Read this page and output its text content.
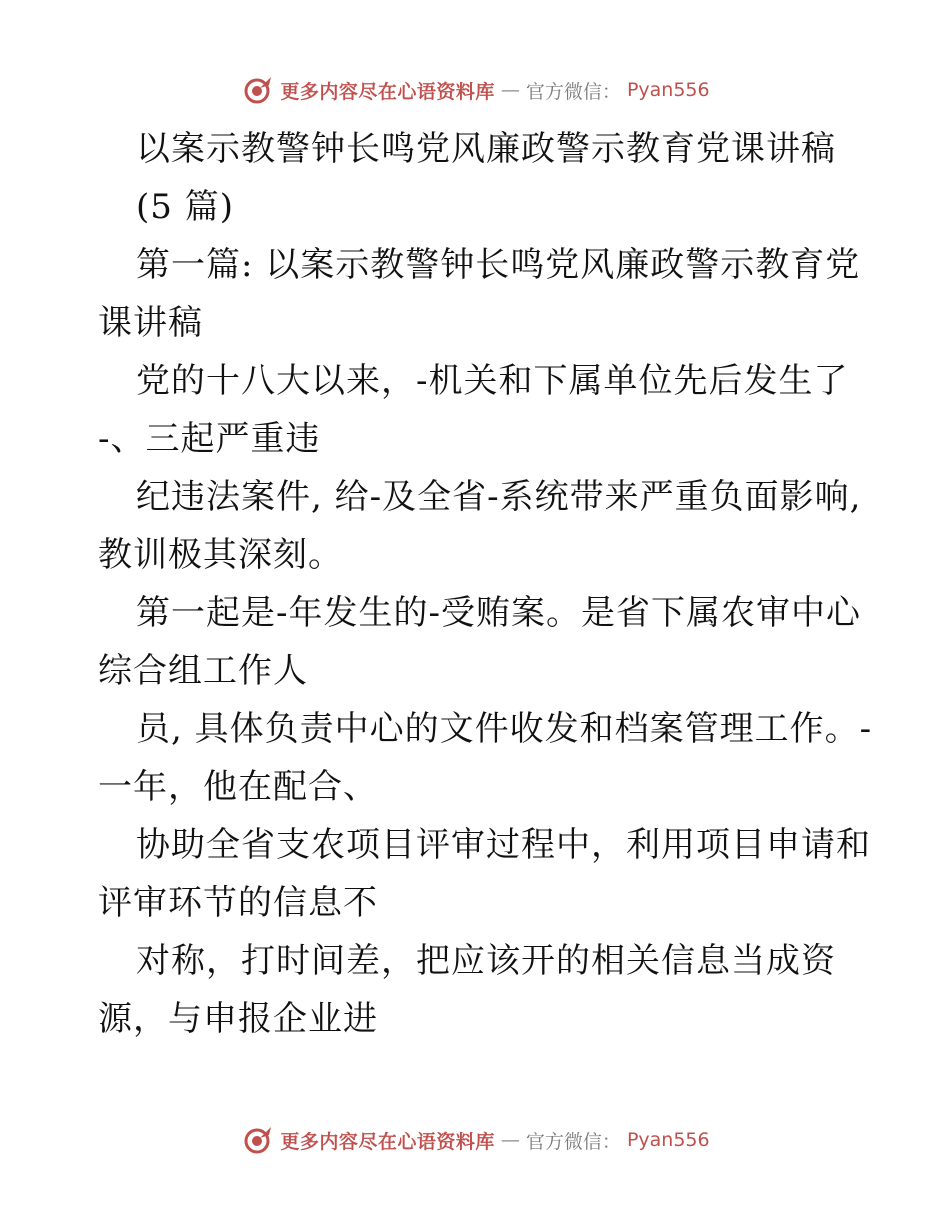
更多内容尽在心语资料库 — 官方微信： Pyan556
以案示教警钟长鸣党风廉政警示教育党课讲稿
(5 篇)
第一篇: 以案示教警钟长鸣党风廉政警示教育党
课讲稿
党的十八大以来，-机关和下属单位先后发生了
-、三起严重违
纪违法案件, 给-及全省-系统带来严重负面影响,
教训极其深刻。
第一起是-年发生的-受贿案。是省下属农审中心
综合组工作人
员, 具体负责中心的文件收发和档案管理工作。-
一年，他在配合、
协助全省支农项目评审过程中，利用项目申请和
评审环节的信息不
对称，打时间差，把应该开的相关信息当成资
源，与申报企业进
更多内容尽在心语资料库 — 官方微信： Pyan556
